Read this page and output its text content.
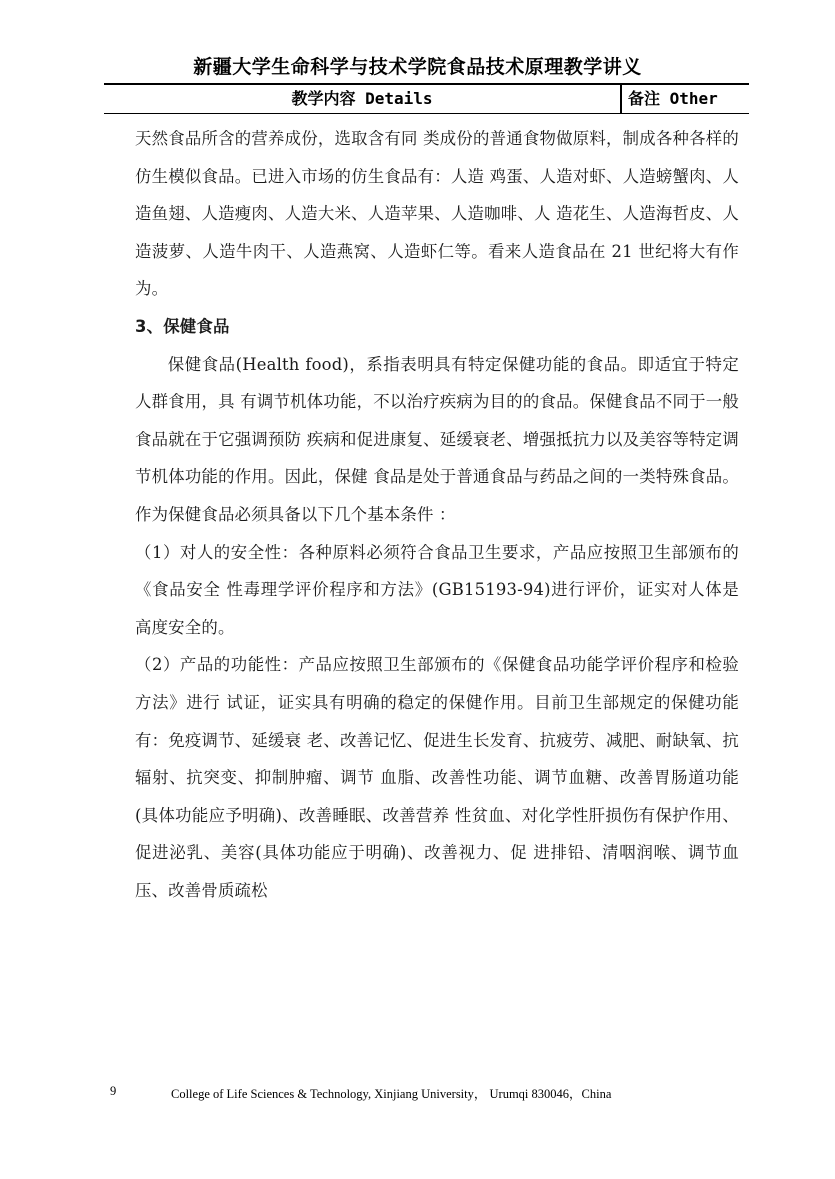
新疆大学生命科学与技术学院食品技术原理教学讲义
教学内容 Details	备注 Other

天然食品所含的营养成份，选取含有同 类成份的普通食物做原料，制成各种各样的仿生模似食品。已进入市场的仿生食品有：人造 鸡蛋、人造对虾、人造螃蟹肉、人造鱼翅、人造瘦肉、人造大米、人造苹果、人造咖啡、人 造花生、人造海哲皮、人造菠萝、人造牛肉干、人造燕窝、人造虾仁等。看来人造食品在 21 世纪将大有作为。

3、保健食品

保健食品(Health food)，系指表明具有特定保健功能的食品。即适宜于特定人群食用，具 有调节机体功能，不以治疗疾病为目的的食品。保健食品不同于一般食品就在于它强调预防 疾病和促进康复、延缓衰老、增强抵抗力以及美容等特定调节机体功能的作用。因此，保健 食品是处于普通食品与药品之间的一类特殊食品。作为保健食品必须具备以下几个基本条件 ：

（1）对人的安全性：各种原料必须符合食品卫生要求，产品应按照卫生部颁布的《食品安全 性毒理学评价程序和方法》(GB15193-94)进行评价，证实对人体是高度安全的。

（2）产品的功能性：产品应按照卫生部颁布的《保健食品功能学评价程序和检验方法》进行 试证，证实具有明确的稳定的保健作用。目前卫生部规定的保健功能有：免疫调节、延缓衰 老、改善记忆、促进生长发育、抗疲劳、减肥、耐缺氧、抗辐射、抗突变、抑制肿瘤、调节 血脂、改善性功能、调节血糖、改善胃肠道功能(具体功能应予明确)、改善睡眠、改善营养 性贫血、对化学性肝损伤有保护作用、促进泌乳、美容(具体功能应于明确)、改善视力、促 进排铅、清咽润喉、调节血压、改善骨质疏松

9	College of Life Sciences & Technology, Xinjiang University， Urumqi 830046，China
